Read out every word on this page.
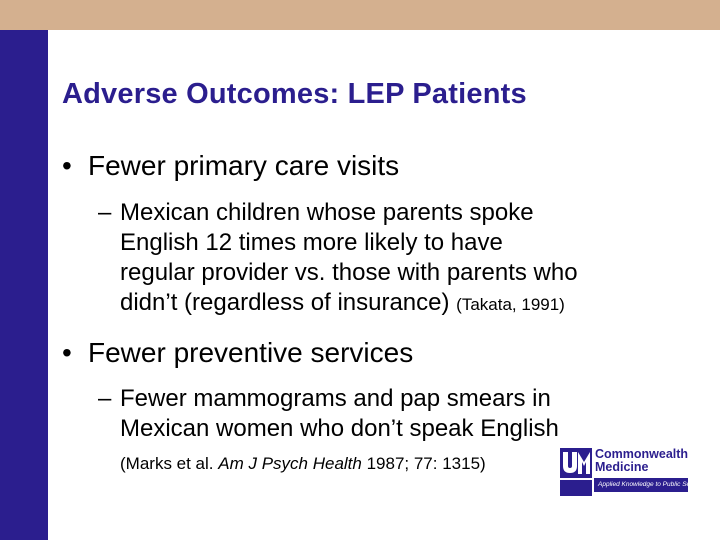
Adverse Outcomes: LEP Patients
• Fewer primary care visits
– Mexican children whose parents spoke
English 12 times more likely to have
regular provider vs. those with parents who
didn’t (regardless of insurance) (Takata, 1991)
• Fewer preventive services
– Fewer mammograms and pap smears in
Mexican women who don’t speak English
(Marks et al. Am J Psych Health 1987; 77: 1315)	Commonwealth
Medicine
Applied Knowledge to Public Service
